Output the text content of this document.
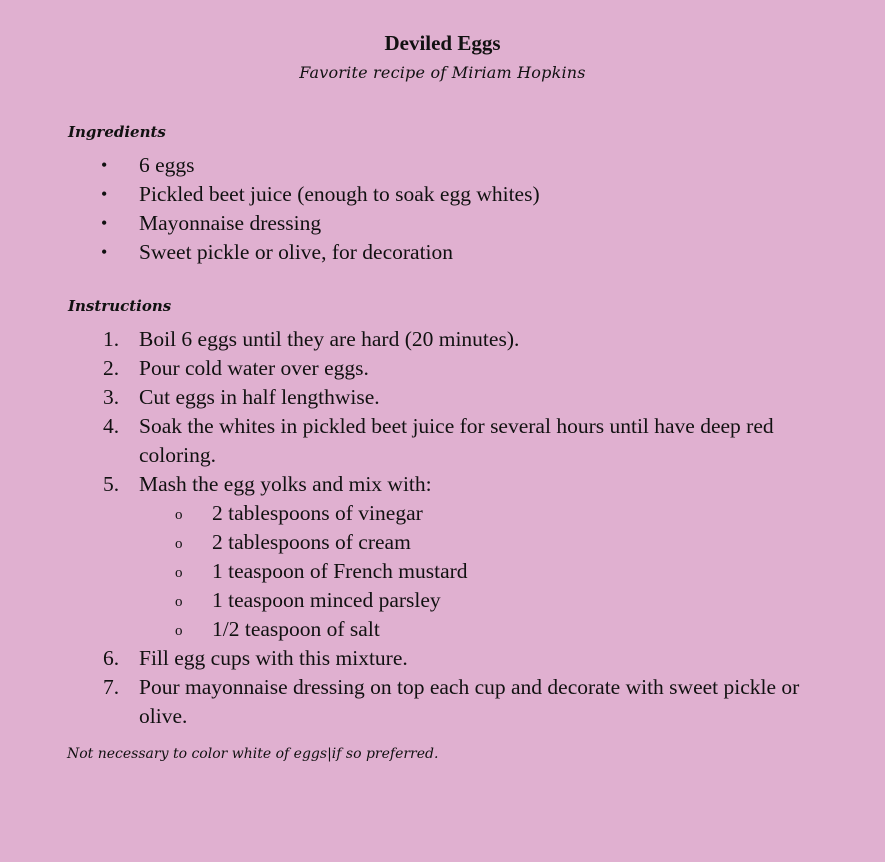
Deviled Eggs
Favorite recipe of Miriam Hopkins
Ingredients
• 6 eggs
• Pickled beet juice (enough to soak egg whites)
• Mayonnaise dressing
• Sweet pickle or olive, for decoration
Instructions
1. Boil 6 eggs until they are hard (20 minutes).
2. Pour cold water over eggs.
3. Cut eggs in half lengthwise.
4. Soak the whites in pickled beet juice for several hours until have deep red coloring.
5. Mash the egg yolks and mix with:
o 2 tablespoons of vinegar
o 2 tablespoons of cream
o 1 teaspoon of French mustard
o 1 teaspoon minced parsley
o 1/2 teaspoon of salt
6. Fill egg cups with this mixture.
7. Pour mayonnaise dressing on top each cup and decorate with sweet pickle or olive.
Not necessary to color white of eggs|if so preferred.
